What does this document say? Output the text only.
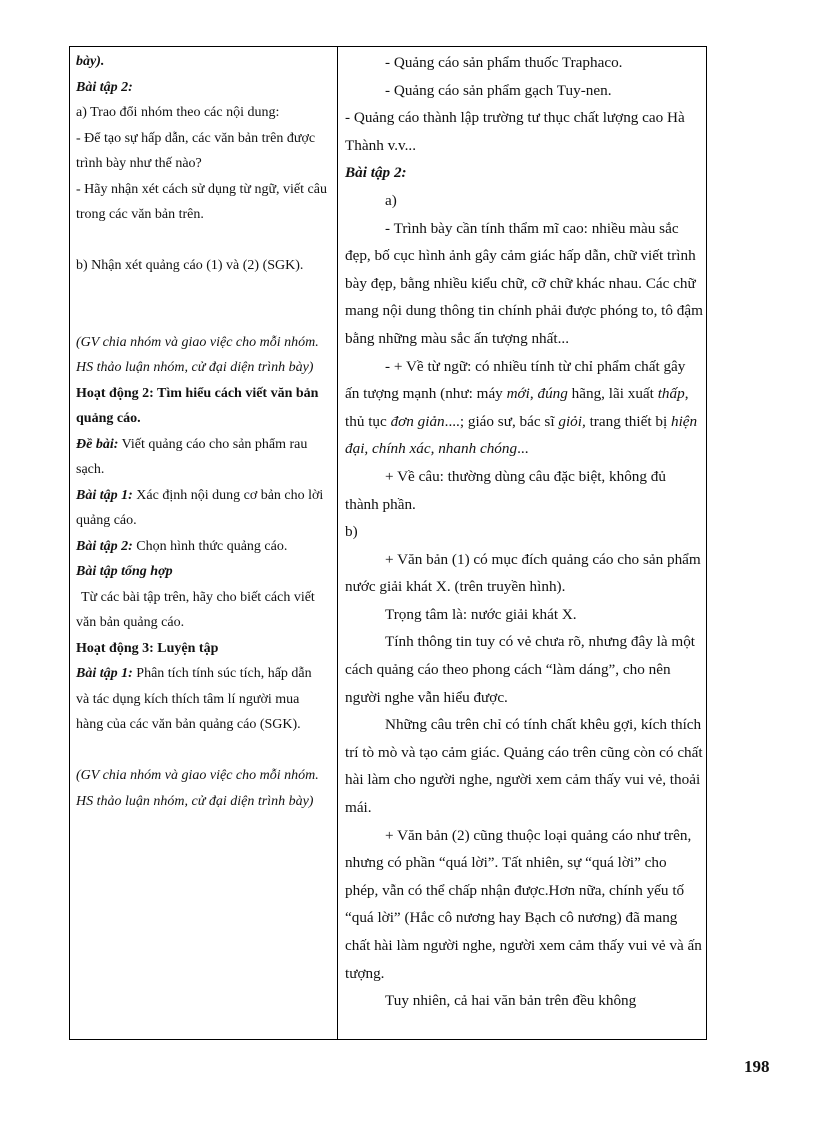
bày).

Bài tập 2:

a) Trao đổi nhóm theo các nội dung:

- Để tạo sự hấp dẫn, các văn bản trên được trình bày như thế nào?

- Hãy nhận xét cách sử dụng từ ngữ, viết câu trong các văn bản trên.

b) Nhận xét quảng cáo (1) và (2) (SGK).

(GV chia nhóm và giao việc cho mỗi nhóm. HS thảo luận nhóm, cử đại diện trình bày)

Hoạt động 2: Tìm hiểu cách viết văn bản quảng cáo.

Đề bài: Viết quảng cáo cho sản phẩm rau sạch.

Bài tập 1: Xác định nội dung cơ bản cho lời quảng cáo.

Bài tập 2: Chọn hình thức quảng cáo.

Bài tập tổng hợp

Từ các bài tập trên, hãy cho biết cách viết văn bản quảng cáo.

Hoạt động 3: Luyện tập

Bài tập 1: Phân tích tính súc tích, hấp dẫn và tác dụng kích thích tâm lí người mua hàng của các văn bản quảng cáo (SGK).

(GV chia nhóm và giao việc cho mỗi nhóm. HS thảo luận nhóm, cử đại diện trình bày)

- Quảng cáo sản phẩm thuốc Traphaco.

- Quảng cáo sản phẩm gạch Tuy-nen.

- Quảng cáo thành lập trường tư thục chất lượng cao Hà Thành v.v...

Bài tập 2:

a)

- Trình bày cần tính thẩm mĩ cao: nhiều màu sắc đẹp, bố cục hình ảnh gây cảm giác hấp dẫn, chữ viết trình bày đẹp, bằng nhiều kiểu chữ, cỡ chữ khác nhau. Các chữ mang nội dung thông tin chính phải được phóng to, tô đậm bằng những màu sắc ấn tượng nhất...

- + Về từ ngữ: có nhiều tính từ chỉ phẩm chất gây ấn tượng mạnh (như: máy mới, đúng hãng, lãi xuất thấp, thủ tục đơn giản....; giáo sư, bác sĩ giỏi, trang thiết bị hiện đại, chính xác, nhanh chóng...

+ Về câu: thường dùng câu đặc biệt, không đủ thành phần.

b)

+ Văn bản (1) có mục đích quảng cáo cho sản phẩm nước giải khát X. (trên truyền hình).

Trọng tâm là: nước giải khát X.

Tính thông tin tuy có vẻ chưa rõ, nhưng đây là một cách quảng cáo theo phong cách “làm dáng”, cho nên người nghe vẫn hiểu được.

Những câu trên chỉ có tính chất khêu gợi, kích thích trí tò mò và tạo cảm giác. Quảng cáo trên cũng còn có chất hài làm cho người nghe, người xem cảm thấy vui vẻ, thoải mái.

+ Văn bản (2) cũng thuộc loại quảng cáo như trên, nhưng có phần “quá lời”. Tất nhiên, sự “quá lời” cho phép, vẫn có thể chấp nhận được.Hơn nữa, chính yếu tố “quá lời” (Hắc cô nương hay Bạch cô nương) đã mang chất hài làm người nghe, người xem cảm thấy vui vẻ và ấn tượng.

Tuy nhiên, cả hai văn bản trên đều không

198
